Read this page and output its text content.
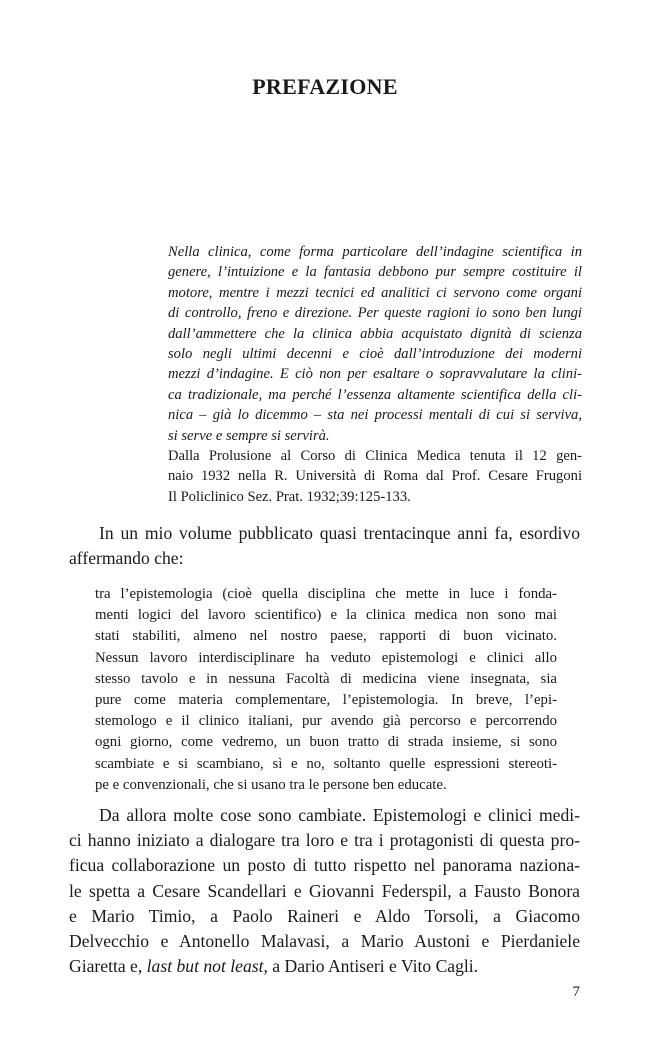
PREFAZIONE
Nella clinica, come forma particolare dell’indagine scientifica in
genere, l’intuizione e la fantasia debbono pur sempre costituire il
motore, mentre i mezzi tecnici ed analitici ci servono come organi
di controllo, freno e direzione. Per queste ragioni io sono ben lungi
dall’ammettere che la clinica abbia acquistato dignità di scienza
solo negli ultimi decenni e cioè dall’introduzione dei moderni
mezzi d’indagine. E ciò non per esaltare o sopravvalutare la clini-
ca tradizionale, ma perché l’essenza altamente scientifica della cli-
nica – già lo dicemmo – sta nei processi mentali di cui si serviva,
si serve e sempre si servirà.
Dalla Prolusione al Corso di Clinica Medica tenuta il 12 gen-
naio 1932 nella R. Università di Roma dal Prof. Cesare Frugoni
Il Policlinico Sez. Prat. 1932;39:125-133.
In un mio volume pubblicato quasi trentacinque anni fa, esordivo
affermando che:
tra l’epistemologia (cioè quella disciplina che mette in luce i fonda-
menti logici del lavoro scientifico) e la clinica medica non sono mai
stati stabiliti, almeno nel nostro paese, rapporti di buon vicinato.
Nessun lavoro interdisciplinare ha veduto epistemologi e clinici allo
stesso tavolo e in nessuna Facoltà di medicina viene insegnata, sia
pure come materia complementare, l’epistemologia. In breve, l’epi-
stemologo e il clinico italiani, pur avendo già percorso e percorrendo
ogni giorno, come vedremo, un buon tratto di strada insieme, si sono
scambiate e si scambiano, sì e no, soltanto quelle espressioni stereoti-
pe e convenzionali, che si usano tra le persone ben educate.
Da allora molte cose sono cambiate. Epistemologi e clinici medi-
ci hanno iniziato a dialogare tra loro e tra i protagonisti di questa pro-
ficua collaborazione un posto di tutto rispetto nel panorama naziona-
le spetta a Cesare Scandellari e Giovanni Federspil, a Fausto Bonora
e Mario Timio, a Paolo Raineri e Aldo Torsoli, a Giacomo
Delvecchio e Antonello Malavasi, a Mario Austoni e Pierdaniele
Giaretta e, last but not least, a Dario Antiseri e Vito Cagli.
7
